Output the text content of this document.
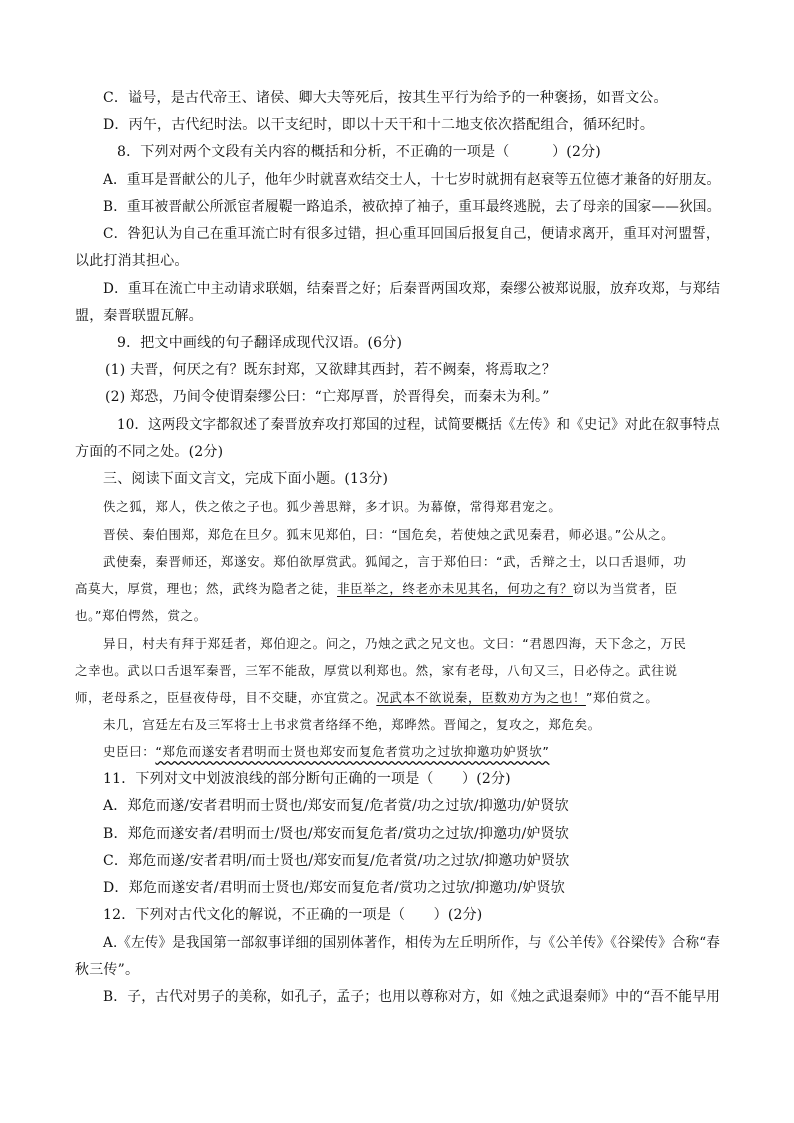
C．谥号，是古代帝王、诸侯、卿大夫等死后，按其生平行为给予的一种褒扬，如晋文公。
D．丙午，古代纪时法。以干支纪时，即以十天干和十二地支依次搭配组合，循环纪时。
8．下列对两个文段有关内容的概括和分析，不正确的一项是（　　　）(2分)
A．重耳是晋献公的儿子，他年少时就喜欢结交士人，十七岁时就拥有赵衰等五位德才兼备的好朋友。
B．重耳被晋献公所派宦者履鞮一路追杀，被砍掉了袖子，重耳最终逃脱，去了母亲的国家——狄国。
C．咎犯认为自己在重耳流亡时有很多过错，担心重耳回国后报复自己，便请求离开，重耳对河盟誓，
以此打消其担心。
D．重耳在流亡中主动请求联姻，结秦晋之好；后秦晋两国攻郑，秦缪公被郑说服，放弃攻郑，与郑结
盟，秦晋联盟瓦解。
9．把文中画线的句子翻译成现代汉语。(6分)
(1) 夫晋，何厌之有？既东封郑，又欲肆其西封，若不阙秦，将焉取之？
(2) 郑恐，乃间令使谓秦缪公曰：“亡郑厚晋，於晋得矣，而秦未为利。”
10．这两段文字都叙述了秦晋放弃攻打郑国的过程，试简要概括《左传》和《史记》对此在叙事特点
方面的不同之处。(2分)
三、阅读下面文言文，完成下面小题。(13分)
佚之狐，郑人，佚之侬之子也。狐少善思辩，多才识。为幕僚，常得郑君宠之。
晋侯、秦伯围郑，郑危在旦夕。狐末见郑伯，曰：“国危矣，若使烛之武见秦君，师必退。”公从之。
武使秦，秦晋师还，郑遂安。郑伯欲厚赏武。狐闻之，言于郑伯曰：“武，舌辩之士，以口舌退师，功
高莫大，厚赏，理也；然，武终为隐者之徒，非臣举之，终老亦未见其名，何功之有？窃以为当赏者，臣
也。”郑伯愕然，赏之。
异日，村夫有拜于郑廷者，郑伯迎之。问之，乃烛之武之兄文也。文曰：“君恩四海，天下念之，万民
之幸也。武以口舌退军秦晋，三军不能敌，厚赏以利郑也。然，家有老母，八旬又三，日必侍之。武往说
师，老母系之，臣昼夜侍母，目不交睫，亦宜赏之。况武本不欲说秦，臣数劝方为之也！”郑伯赏之。
未几，宫廷左右及三军将士上书求赏者络绎不绝，郑晔然。晋闻之，复攻之，郑危矣。
史臣曰：“郑危而遂安者君明而士贤也郑安而复危者赏功之过欤抑邀功妒贤欤”
11．下列对文中划波浪线的部分断句正确的一项是（　　）(2分)
A．郑危而遂/安者君明而士贤也/郑安而复/危者赏/功之过欤/抑邀功/妒贤欤
B．郑危而遂安者/君明而士/贤也/郑安而复危者/赏功之过欤/抑邀功/妒贤欤
C．郑危而遂/安者君明/而士贤也/郑安而复/危者赏/功之过欤/抑邀功妒贤欤
D．郑危而遂安者/君明而士贤也/郑安而复危者/赏功之过欤/抑邀功/妒贤欤
12．下列对古代文化的解说，不正确的一项是（　　）(2分)
A.《左传》是我国第一部叙事详细的国别体著作，相传为左丘明所作，与《公羊传》《谷梁传》合称“春
秋三传”。
B．子，古代对男子的美称，如孔子，孟子；也用以尊称对方，如《烛之武退秦师》中的“吾不能早用
